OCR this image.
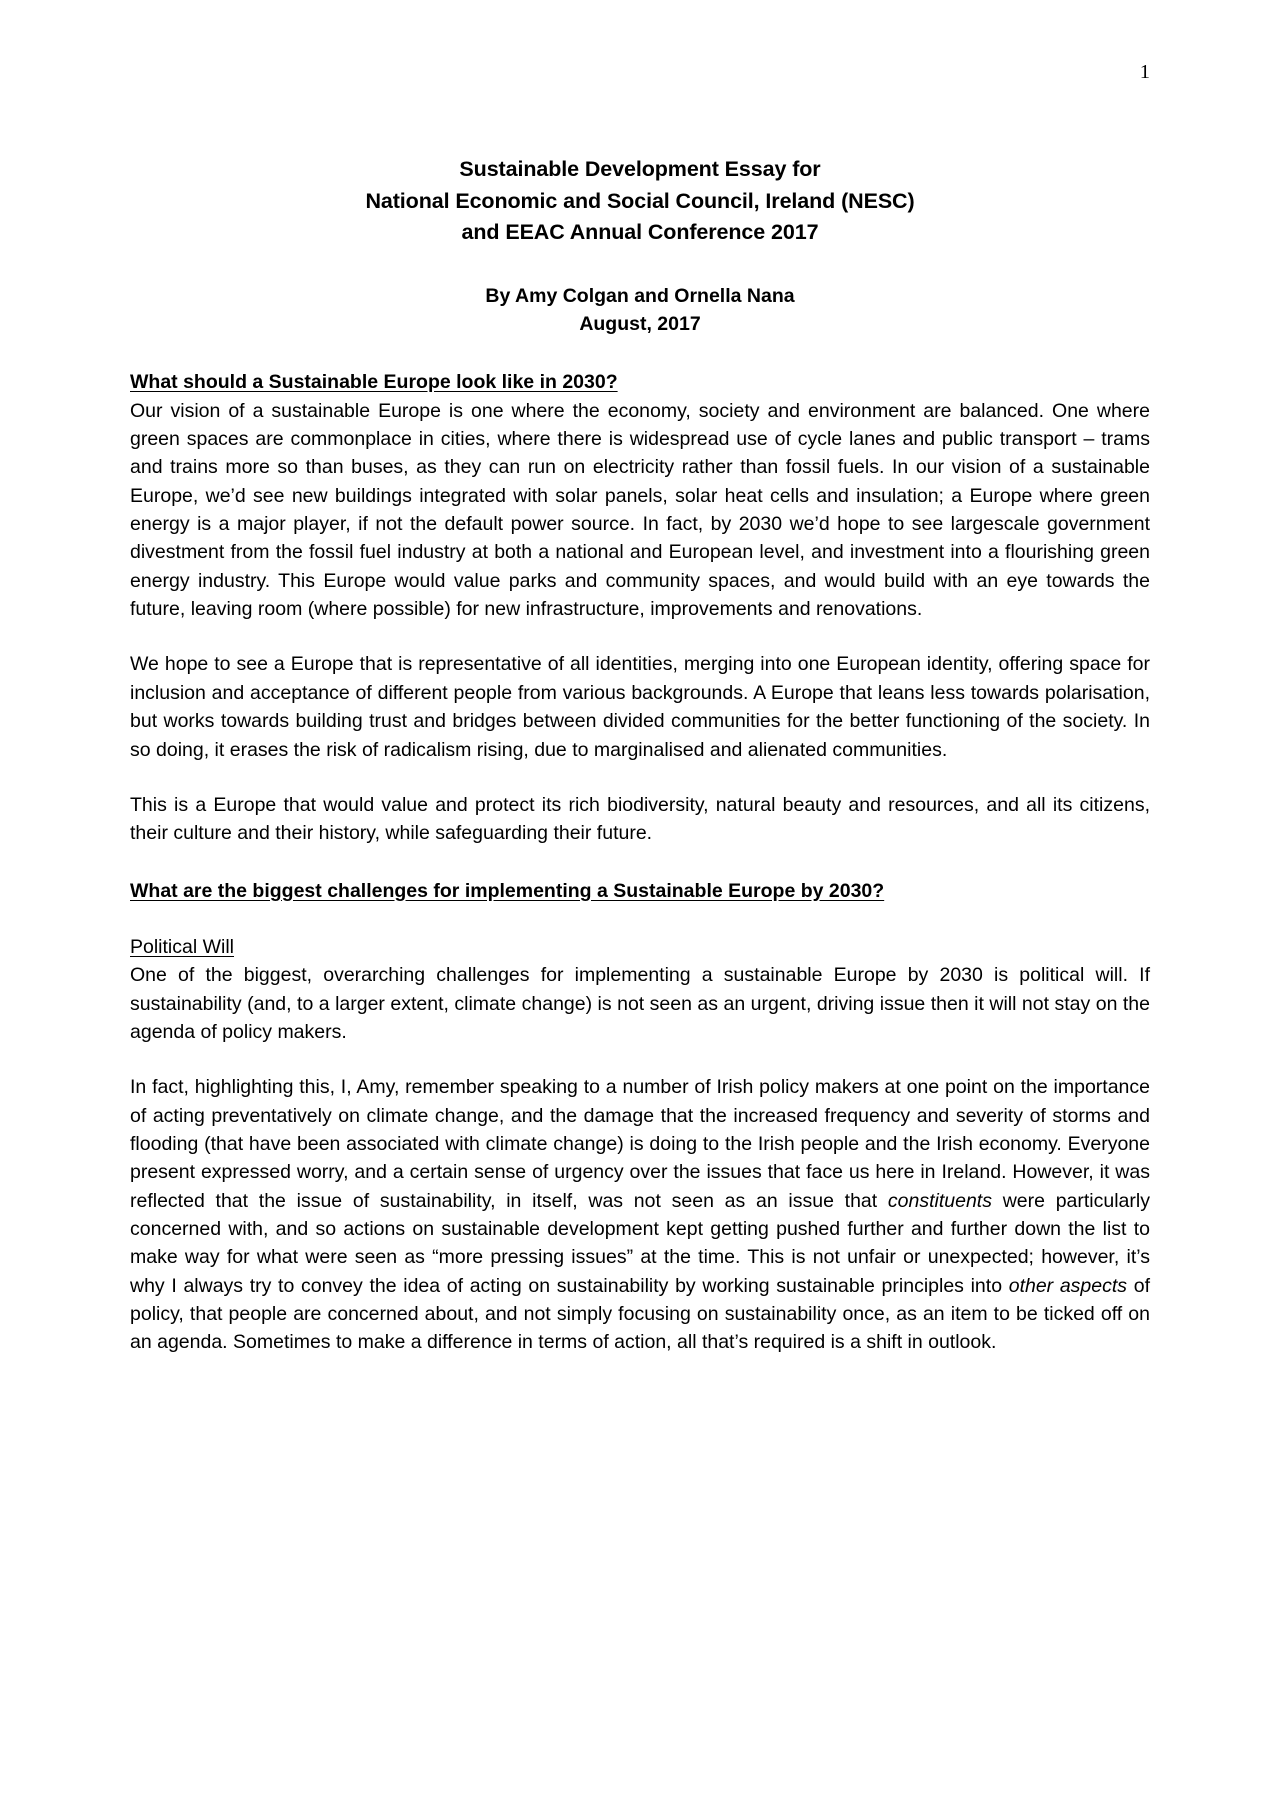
1
Sustainable Development Essay for
National Economic and Social Council, Ireland (NESC)
and EEAC Annual Conference 2017
By Amy Colgan and Ornella Nana
August, 2017
What should a Sustainable Europe look like in 2030?

Our vision of a sustainable Europe is one where the economy, society and environment are balanced. One where green spaces are commonplace in cities, where there is widespread use of cycle lanes and public transport – trams and trains more so than buses, as they can run on electricity rather than fossil fuels. In our vision of a sustainable Europe, we’d see new buildings integrated with solar panels, solar heat cells and insulation; a Europe where green energy is a major player, if not the default power source. In fact, by 2030 we’d hope to see largescale government divestment from the fossil fuel industry at both a national and European level, and investment into a flourishing green energy industry. This Europe would value parks and community spaces, and would build with an eye towards the future, leaving room (where possible) for new infrastructure, improvements and renovations.

We hope to see a Europe that is representative of all identities, merging into one European identity, offering space for inclusion and acceptance of different people from various backgrounds. A Europe that leans less towards polarisation, but works towards building trust and bridges between divided communities for the better functioning of the society. In so doing, it erases the risk of radicalism rising, due to marginalised and alienated communities.

This is a Europe that would value and protect its rich biodiversity, natural beauty and resources, and all its citizens, their culture and their history, while safeguarding their future.

What are the biggest challenges for implementing a Sustainable Europe by 2030?
Political Will

One of the biggest, overarching challenges for implementing a sustainable Europe by 2030 is political will. If sustainability (and, to a larger extent, climate change) is not seen as an urgent, driving issue then it will not stay on the agenda of policy makers.

In fact, highlighting this, I, Amy, remember speaking to a number of Irish policy makers at one point on the importance of acting preventatively on climate change, and the damage that the increased frequency and severity of storms and flooding (that have been associated with climate change) is doing to the Irish people and the Irish economy. Everyone present expressed worry, and a certain sense of urgency over the issues that face us here in Ireland. However, it was reflected that the issue of sustainability, in itself, was not seen as an issue that constituents were particularly concerned with, and so actions on sustainable development kept getting pushed further and further down the list to make way for what were seen as “more pressing issues” at the time. This is not unfair or unexpected; however, it’s why I always try to convey the idea of acting on sustainability by working sustainable principles into other aspects of policy, that people are concerned about, and not simply focusing on sustainability once, as an item to be ticked off on an agenda. Sometimes to make a difference in terms of action, all that’s required is a shift in outlook.
